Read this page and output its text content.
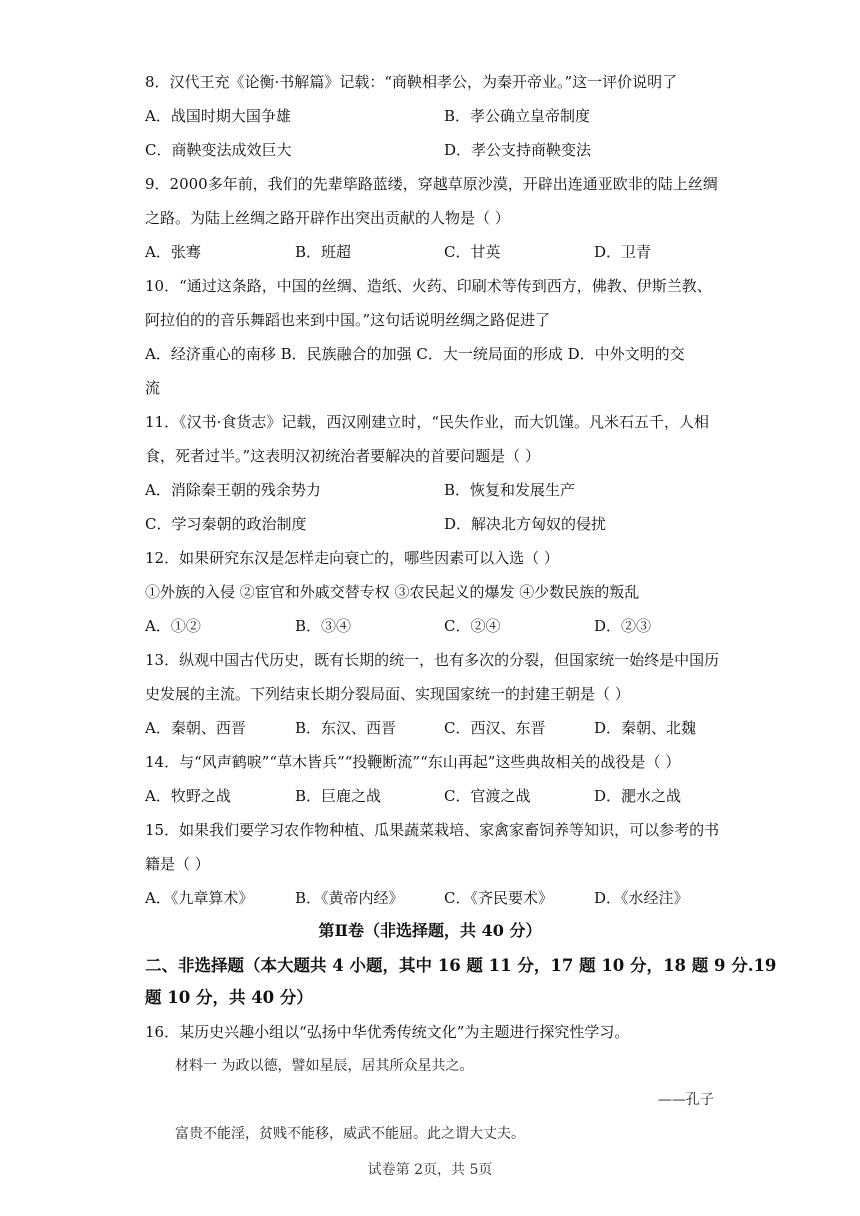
8．汉代王充《论衡·书解篇》记载：“商鞅相孝公，为秦开帝业。”这一评价说明了
A．战国时期大国争雄	B．孝公确立皇帝制度
C．商鞅变法成效巨大	D．孝公支持商鞅变法
9．2000多年前，我们的先辈筚路蓝缕，穿越草原沙漠，开辟出连通亚欧非的陆上丝绸
之路。为陆上丝绸之路开辟作出突出贡献的人物是（ ）
A．张骞	B．班超	C．甘英	D．卫青
10．“通过这条路，中国的丝绸、造纸、火药、印刷术等传到西方，佛教、伊斯兰教、
阿拉伯的的音乐舞蹈也来到中国。”这句话说明丝绸之路促进了
A．经济重心的南移 B．民族融合的加强 C．大一统局面的形成 D．中外文明的交
流
11．《汉书·食货志》记载，西汉刚建立时，“民失作业，而大饥馑。凡米石五千，人相
食，死者过半。”这表明汉初统治者要解决的首要问题是（ ）
A．消除秦王朝的残余势力	B．恢复和发展生产
C．学习秦朝的政治制度	D．解决北方匈奴的侵扰
12．如果研究东汉是怎样走向衰亡的，哪些因素可以入选（ ）
①外族的入侵 ②宦官和外戚交替专权 ③农民起义的爆发 ④少数民族的叛乱
A．①②	B．③④	C．②④	D．②③
13．纵观中国古代历史，既有长期的统一，也有多次的分裂，但国家统一始终是中国历
史发展的主流。下列结束长期分裂局面、实现国家统一的封建王朝是（ ）
A．秦朝、西晋	B．东汉、西晋	C．西汉、东晋	D．秦朝、北魏
14．与“风声鹤唳”“草木皆兵”“投鞭断流”“东山再起”这些典故相关的战役是（ ）
A．牧野之战	B．巨鹿之战	C．官渡之战	D．淝水之战
15．如果我们要学习农作物种植、瓜果蔬菜栽培、家禽家畜饲养等知识，可以参考的书
籍是（ ）
A．《九章算术》	B．《黄帝内经》	C．《齐民要术》	D．《水经注》
第Ⅱ卷（非选择题，共 40 分）
二、非选择题（本大题共 4 小题，其中 16 题 11 分，17 题 10 分，18 题 9 分.19
题 10 分，共 40 分）
16．某历史兴趣小组以“弘扬中华优秀传统文化”为主题进行探究性学习。
材料一 为政以德，譬如星辰，居其所众星共之。
——孔子
富贵不能淫，贫贱不能移，威武不能屈。此之谓大丈夫。
试卷第 2页，共 5页
